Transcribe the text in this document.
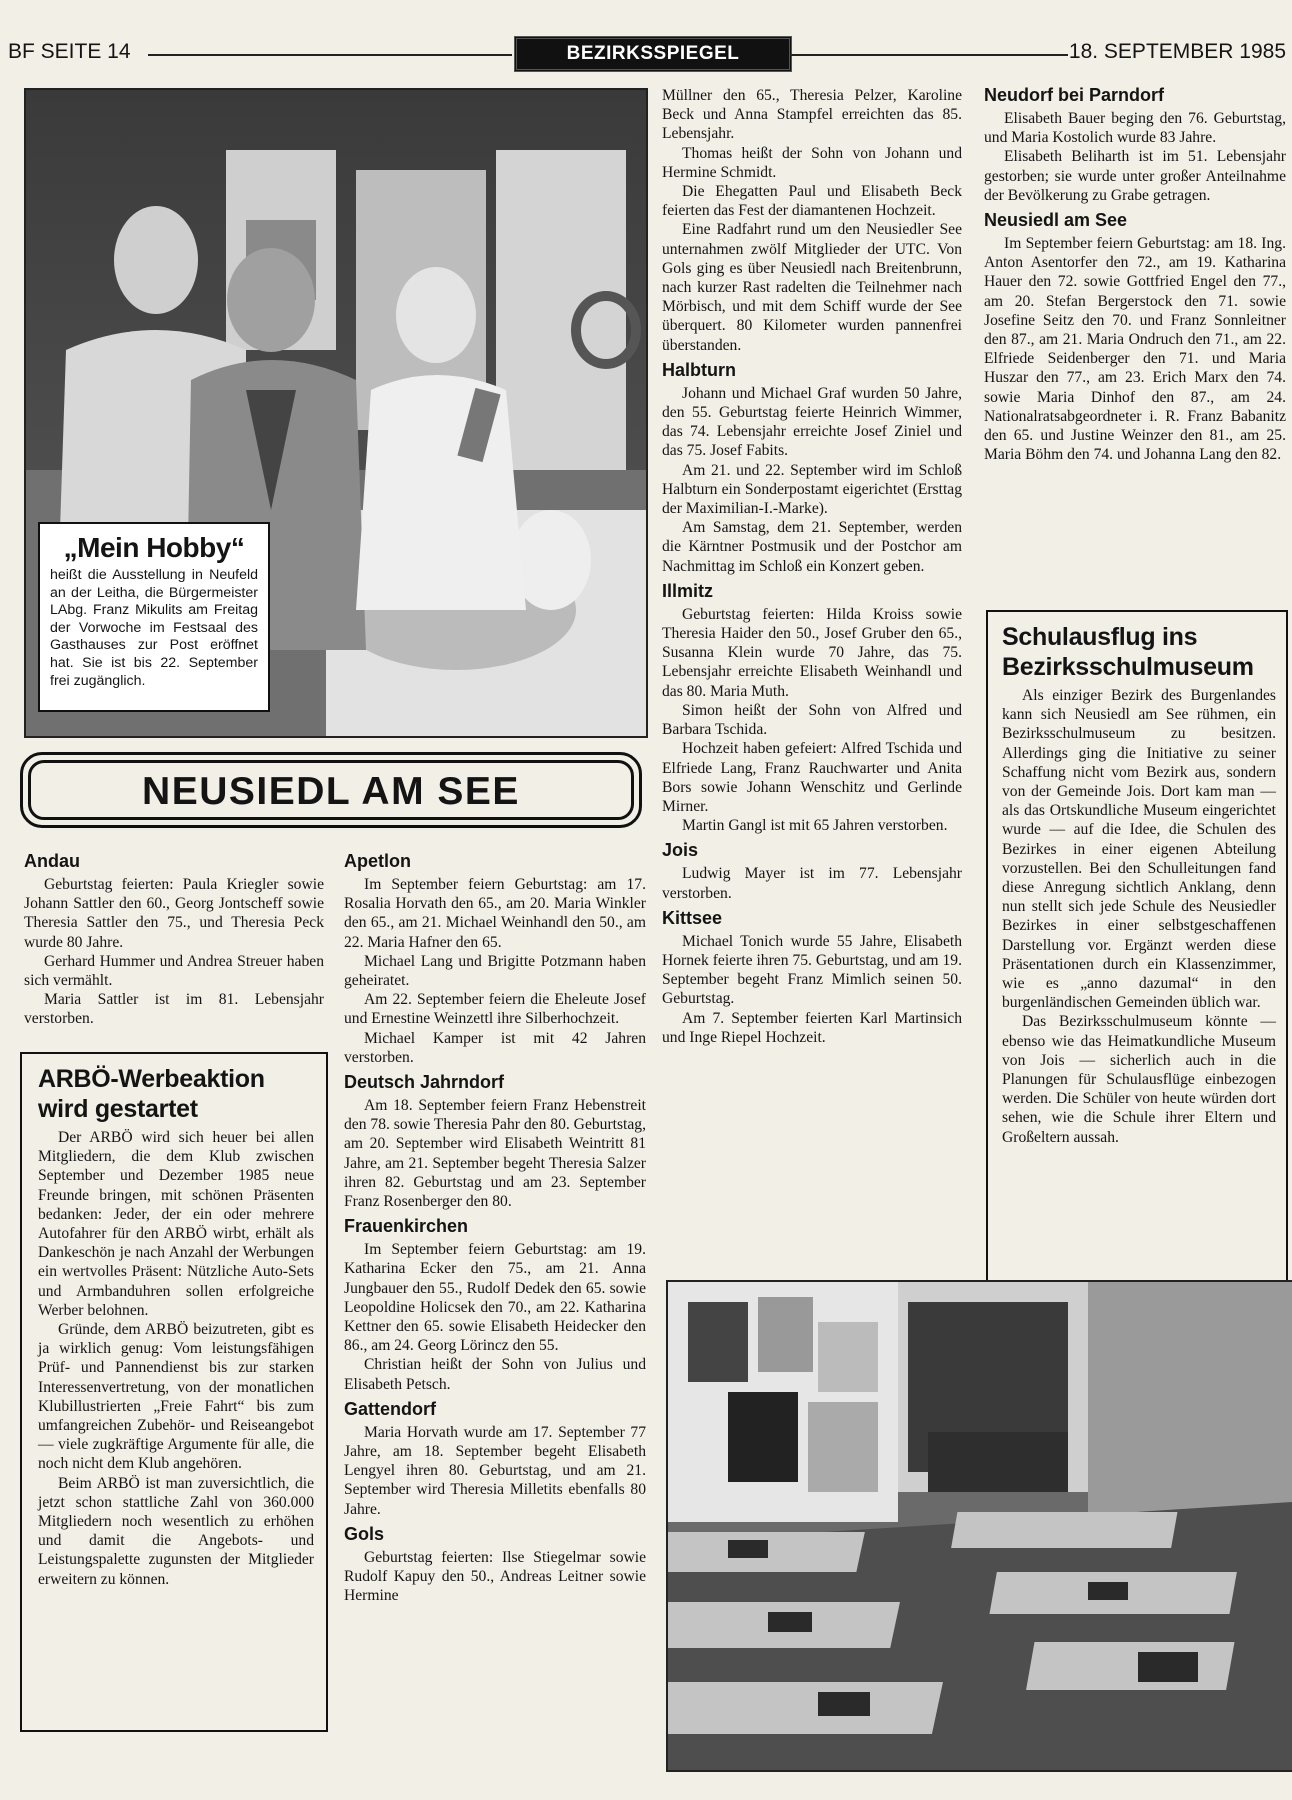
BF SEITE 14	BEZIRKSSPIEGEL	18. SEPTEMBER 1985
„Mein Hobby“
heißt die Ausstellung in Neufeld an der Leitha, die Bürgermeister LAbg. Franz Mikulits am Freitag der Vorwoche im Festsaal des Gasthauses zur Post eröffnet hat. Sie ist bis 22. September frei zugänglich.
NEUSIEDL AM SEE
Andau

Geburtstag feierten: Paula Kriegler sowie Johann Sattler den 60., Georg Jontscheff sowie Theresia Sattler den 75., und Theresia Peck wurde 80 Jahre.

Gerhard Hummer und Andrea Streuer haben sich vermählt.

Maria Sattler ist im 81. Lebensjahr verstorben.

ARBÖ-Werbeaktion wird gestartet

Der ARBÖ wird sich heuer bei allen Mitgliedern, die dem Klub zwischen September und Dezember 1985 neue Freunde bringen, mit schönen Präsenten bedanken: Jeder, der ein oder mehrere Autofahrer für den ARBÖ wirbt, erhält als Dankeschön je nach Anzahl der Werbungen ein wertvolles Präsent: Nützliche Auto-Sets und Armbanduhren sollen erfolgreiche Werber belohnen.

Gründe, dem ARBÖ beizutreten, gibt es ja wirklich genug: Vom leistungsfähigen Prüf- und Pannendienst bis zur starken Interessenvertretung, von der monatlichen Klubillustrierten „Freie Fahrt“ bis zum umfangreichen Zubehör- und Reiseangebot — viele zugkräftige Argumente für alle, die noch nicht dem Klub angehören.

Beim ARBÖ ist man zuversichtlich, die jetzt schon stattliche Zahl von 360.000 Mitgliedern noch wesentlich zu erhöhen und damit die Angebots- und Leistungspalette zugunsten der Mitglieder erweitern zu können.

Apetlon

Im September feiern Geburtstag: am 17. Rosalia Horvath den 65., am 20. Maria Winkler den 65., am 21. Michael Weinhandl den 50., am 22. Maria Hafner den 65.

Michael Lang und Brigitte Potzmann haben geheiratet.

Am 22. September feiern die Eheleute Josef und Ernestine Weinzettl ihre Silberhochzeit.

Michael Kamper ist mit 42 Jahren verstorben.

Deutsch Jahrndorf

Am 18. September feiern Franz Hebenstreit den 78. sowie Theresia Pahr den 80. Geburtstag, am 20. September wird Elisabeth Weintritt 81 Jahre, am 21. September begeht Theresia Salzer ihren 82. Geburtstag und am 23. September Franz Rosenberger den 80.

Frauenkirchen

Im September feiern Geburtstag: am 19. Katharina Ecker den 75., am 21. Anna Jungbauer den 55., Rudolf Dedek den 65. sowie Leopoldine Holicsek den 70., am 22. Katharina Kettner den 65. sowie Elisabeth Heidecker den 86., am 24. Georg Lörincz den 55.

Christian heißt der Sohn von Julius und Elisabeth Petsch.

Gattendorf

Maria Horvath wurde am 17. September 77 Jahre, am 18. September begeht Elisabeth Lengyel ihren 80. Geburtstag, und am 21. September wird Theresia Milletits ebenfalls 80 Jahre.

Gols

Geburtstag feierten: Ilse Stiegelmar sowie Rudolf Kapuy den 50., Andreas Leitner sowie Hermine

Müllner den 65., Theresia Pelzer, Karoline Beck und Anna Stampfel erreichten das 85. Lebensjahr.

Thomas heißt der Sohn von Johann und Hermine Schmidt.

Die Ehegatten Paul und Elisabeth Beck feierten das Fest der diamantenen Hochzeit.

Eine Radfahrt rund um den Neusiedler See unternahmen zwölf Mitglieder der UTC. Von Gols ging es über Neusiedl nach Breitenbrunn, nach kurzer Rast radelten die Teilnehmer nach Mörbisch, und mit dem Schiff wurde der See überquert. 80 Kilometer wurden pannenfrei überstanden.

Halbturn

Johann und Michael Graf wurden 50 Jahre, den 55. Geburtstag feierte Heinrich Wimmer, das 74. Lebensjahr erreichte Josef Ziniel und das 75. Josef Fabits.

Am 21. und 22. September wird im Schloß Halbturn ein Sonderpostamt eigerichtet (Ersttag der Maximilian-I.-Marke).

Am Samstag, dem 21. September, werden die Kärntner Postmusik und der Postchor am Nachmittag im Schloß ein Konzert geben.

Illmitz

Geburtstag feierten: Hilda Kroiss sowie Theresia Haider den 50., Josef Gruber den 65., Susanna Klein wurde 70 Jahre, das 75. Lebensjahr erreichte Elisabeth Weinhandl und das 80. Maria Muth.

Simon heißt der Sohn von Alfred und Barbara Tschida.

Hochzeit haben gefeiert: Alfred Tschida und Elfriede Lang, Franz Rauchwarter und Anita Bors sowie Johann Wenschitz und Gerlinde Mirner.

Martin Gangl ist mit 65 Jahren verstorben.

Jois

Ludwig Mayer ist im 77. Lebensjahr verstorben.

Kittsee

Michael Tonich wurde 55 Jahre, Elisabeth Hornek feierte ihren 75. Geburtstag, und am 19. September begeht Franz Mimlich seinen 50. Geburtstag.

Am 7. September feierten Karl Martinsich und Inge Riepel Hochzeit.

Neudorf bei Parndorf

Elisabeth Bauer beging den 76. Geburtstag, und Maria Kostolich wurde 83 Jahre.

Elisabeth Beliharth ist im 51. Lebensjahr gestorben; sie wurde unter großer Anteilnahme der Bevölkerung zu Grabe getragen.

Neusiedl am See

Im September feiern Geburtstag: am 18. Ing. Anton Asentorfer den 72., am 19. Katharina Hauer den 72. sowie Gottfried Engel den 77., am 20. Stefan Bergerstock den 71. sowie Josefine Seitz den 70. und Franz Sonnleitner den 87., am 21. Maria Ondruch den 71., am 22. Elfriede Seidenberger den 71. und Maria Huszar den 77., am 23. Erich Marx den 74. sowie Maria Dinhof den 87., am 24. Nationalratsabgeordneter i. R. Franz Babanitz den 65. und Justine Weinzer den 81., am 25. Maria Böhm den 74. und Johanna Lang den 82.

Schulausflug ins Bezirksschulmuseum

Als einziger Bezirk des Burgenlandes kann sich Neusiedl am See rühmen, ein Bezirksschulmuseum zu besitzen. Allerdings ging die Initiative zu seiner Schaffung nicht vom Bezirk aus, sondern von der Gemeinde Jois. Dort kam man — als das Ortskundliche Museum eingerichtet wurde — auf die Idee, die Schulen des Bezirkes in einer eigenen Abteilung vorzustellen. Bei den Schulleitungen fand diese Anregung sichtlich Anklang, denn nun stellt sich jede Schule des Neusiedler Bezirkes in einer selbstgeschaffenen Darstellung vor. Ergänzt werden diese Präsentationen durch ein Klassenzimmer, wie es „anno dazumal“ in den burgenländischen Gemeinden üblich war.

Das Bezirksschulmuseum könnte — ebenso wie das Heimatkundliche Museum von Jois — sicherlich auch in die Planungen für Schulausflüge einbezogen werden. Die Schüler von heute würden dort sehen, wie die Schule ihrer Eltern und Großeltern aussah.
